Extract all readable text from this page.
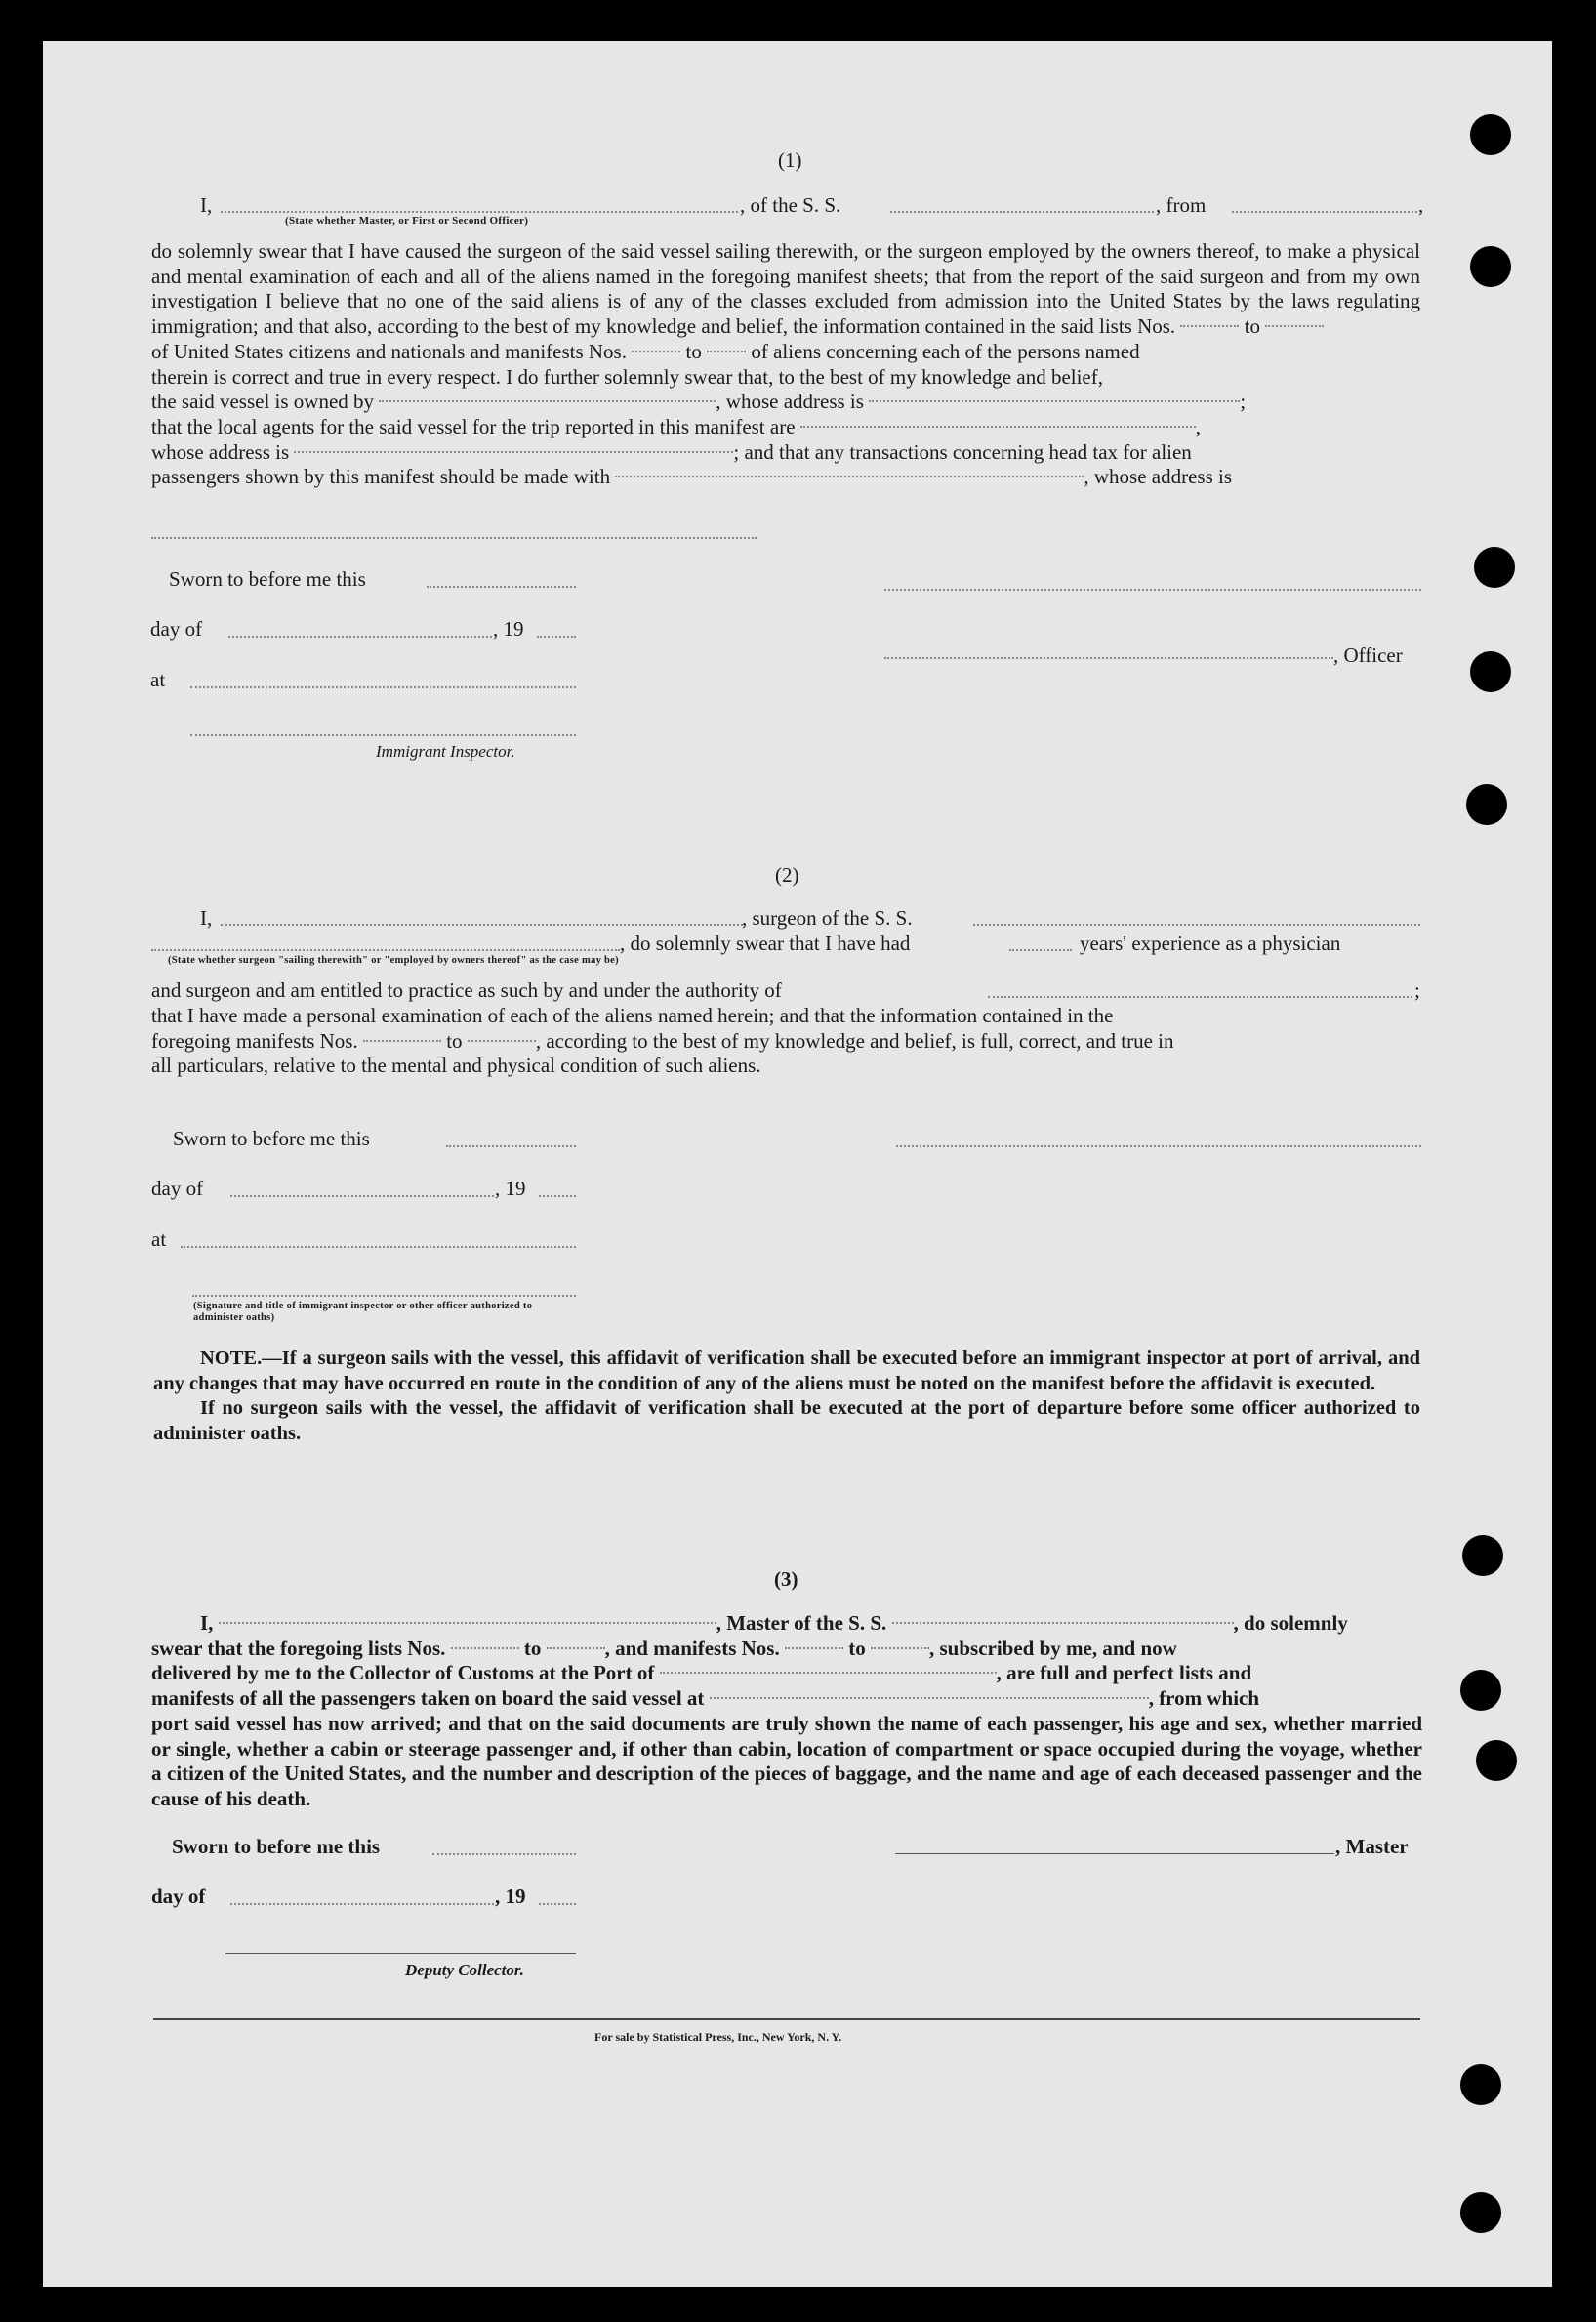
(1)
I,	, of the S. S.	, from	,
(State whether Master, or First or Second Officer)
do solemnly swear that I have caused the surgeon of the said vessel sailing therewith, or the surgeon employed by the owners thereof, to make a physical and mental examination of each and all of the aliens named in the foregoing manifest sheets; that from the report of the said surgeon and from my own investigation I believe that no one of the said aliens is of any of the classes excluded from admission into the United States by the laws regulating immigration; and that also, according to the best of my knowledge and belief, the information contained in the said lists Nos.	to
of United States citizens and nationals and manifests Nos.	to of aliens concerning each of the persons named
therein is correct and true in every respect. I do further solemnly swear that, to the best of my knowledge and belief,
the said vessel is owned by	, whose address is	;
that the local agents for the said vessel for the trip reported in this manifest are	,
whose address is	; and that any transactions concerning head tax for alien
passengers shown by this manifest should be made with	, whose address is
Sworn to before me this
day of	, 19
, Officer
at
Immigrant Inspector.
(2)
I,	, surgeon of the S. S.
, do solemnly swear that I have had	years' experience as a physician
(State whether surgeon "sailing therewith" or "employed by owners thereof" as the case may be)
and surgeon and am entitled to practice as such by and under the authority of	;
that I have made a personal examination of each of the aliens named herein; and that the information contained in the
foregoing manifests Nos.	to	, according to the best of my knowledge and belief, is full, correct, and true in
all particulars, relative to the mental and physical condition of such aliens.
Sworn to before me this
day of	, 19
at
(Signature and title of immigrant inspector or other officer authorized to administer oaths)
NOTE.—If a surgeon sails with the vessel, this affidavit of verification shall be executed before an immigrant inspector at port of arrival, and any changes that may have occurred en route in the condition of any of the aliens must be noted on the manifest before the affidavit is executed.
If no surgeon sails with the vessel, the affidavit of verification shall be executed at the port of departure before some officer authorized to administer oaths.
(3)
I,	, Master of the S. S.	, do solemnly
swear that the foregoing lists Nos.	to	, and manifests Nos.	to	, subscribed by me, and now
delivered by me to the Collector of Customs at the Port of	, are full and perfect lists and
manifests of all the passengers taken on board the said vessel at	, from which
port said vessel has now arrived; and that on the said documents are truly shown the name of each passenger, his age and sex, whether married or single, whether a cabin or steerage passenger and, if other than cabin, location of compartment or space occupied during the voyage, whether a citizen of the United States, and the number and description of the pieces of baggage, and the name and age of each deceased passenger and the cause of his death.
Sworn to before me this	, Master
day of	, 19
Deputy Collector.
For sale by Statistical Press, Inc., New York, N. Y.
